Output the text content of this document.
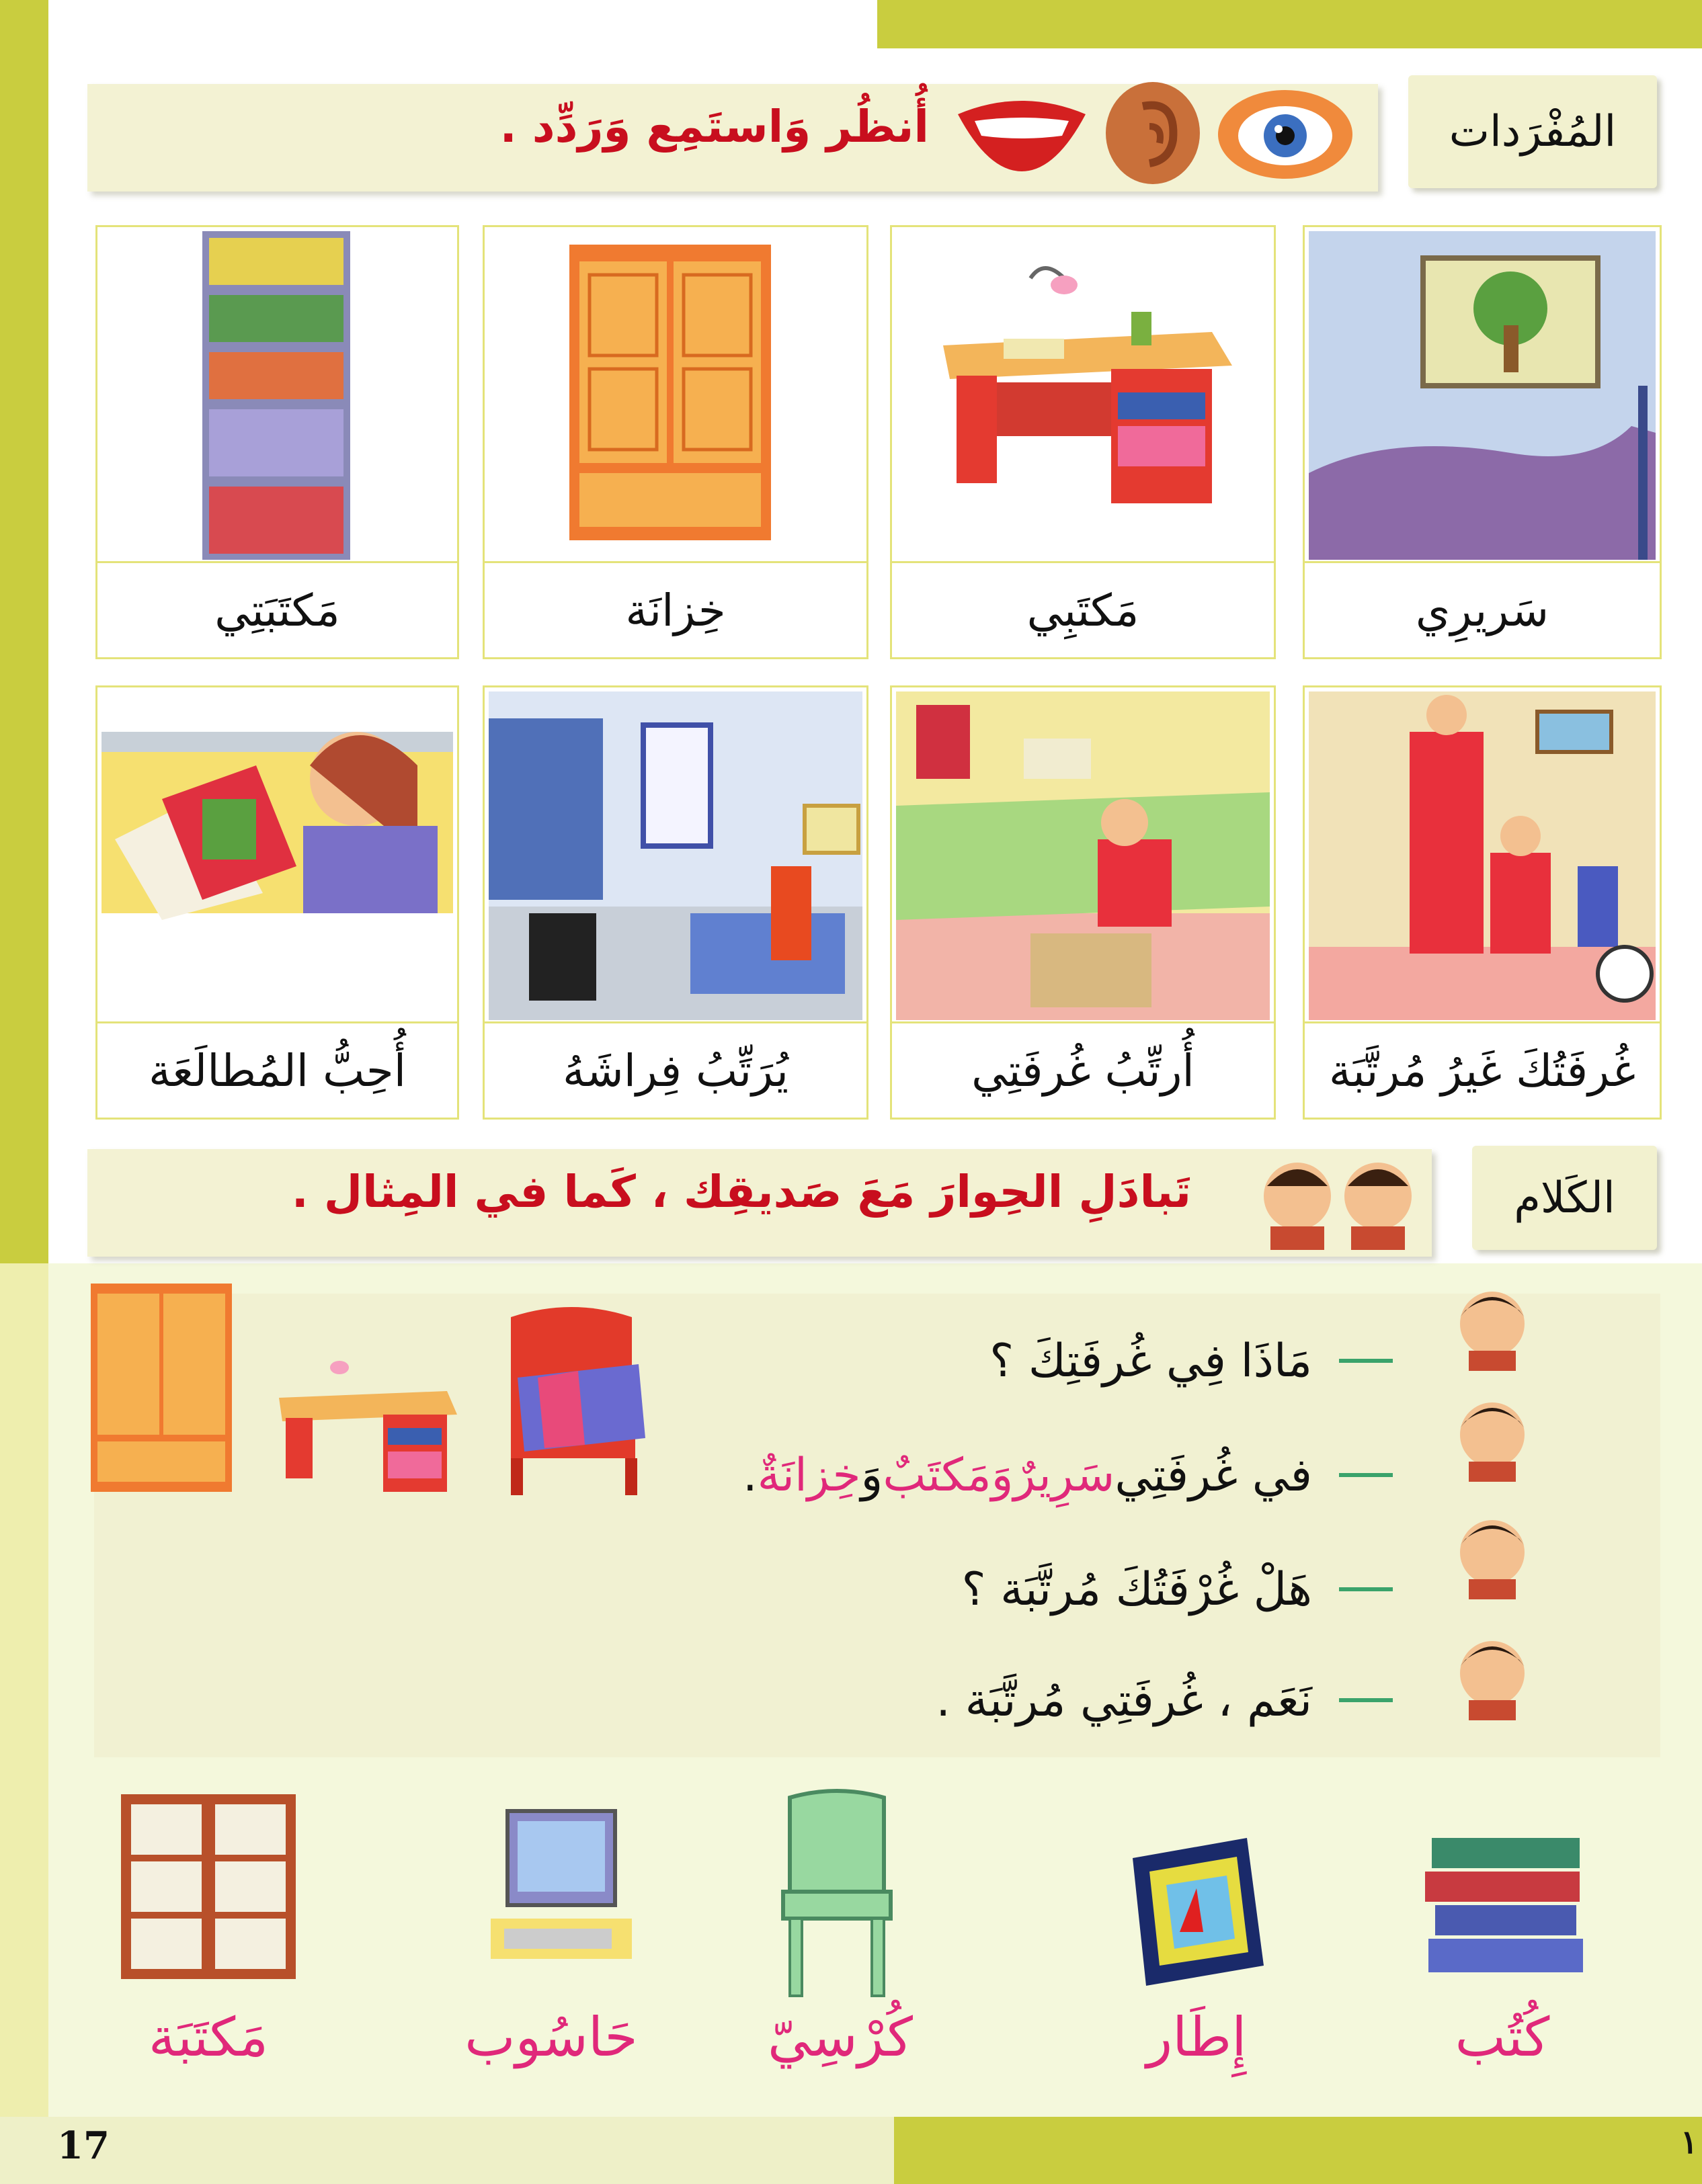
المُفْرَدات
أُنظُر وَاستَمِع وَرَدِّد .
سَريرِي
مَكتَبِي
خِزانَة
مَكتَبَتِي
غُرفَتُكَ غَيرُ مُرتَّبَة
أُرتِّبُ غُرفَتِي
يُرَتِّبُ فِراشَهُ
أُحِبُّ المُطالَعَة
الكَلام
تَبادَلِ الحِوارَ مَعَ صَديقِك ، كَما في المِثال .
مَاذَا فِي غُرفَتِكَ ؟
في غُرفَتِي
سَرِيرٌ
وَمَكتَبٌ
وَ
خِزانَةٌ
.
هَلْ غُرْفَتُكَ مُرتَّبَة ؟
نَعَم ، غُرفَتِي مُرتَّبَة .
كُتُب
إِطَار
كُرْسِيّ
حَاسُوب
مَكتَبَة
17	١
